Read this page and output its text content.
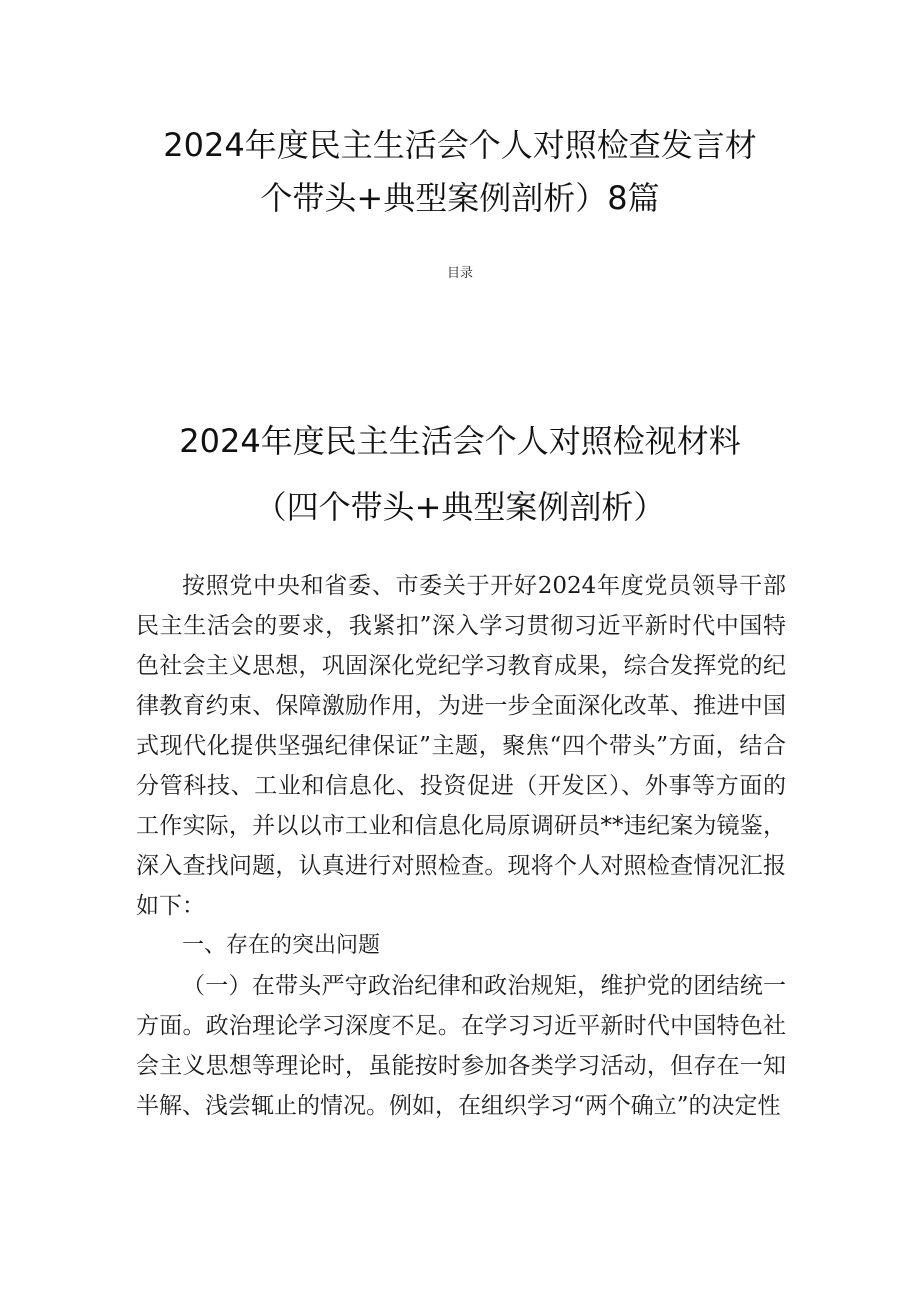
2024年度民主生活会个人对照检查发言材
个带头+典型案例剖析）8篇
目录
2024年度民主生活会个人对照检视材料
（四个带头+典型案例剖析）

按照党中央和省委、市委关于开好2024年度党员领导干部民主生活会的要求，我紧扣”深入学习贯彻习近平新时代中国特色社会主义思想，巩固深化党纪学习教育成果，综合发挥党的纪律教育约束、保障激励作用，为进一步全面深化改革、推进中国式现代化提供坚强纪律保证”主题，聚焦“四个带头”方面，结合分管科技、工业和信息化、投资促进（开发区）、外事等方面的工作实际，并以以市工业和信息化局原调研员**违纪案为镜鉴，深入查找问题，认真进行对照检查。现将个人对照检查情况汇报如下：

一、存在的突出问题

（一）在带头严守政治纪律和政治规矩，维护党的团结统一方面。政治理论学习深度不足。在学习习近平新时代中国特色社会主义思想等理论时，虽能按时参加各类学习活动，但存在一知半解、浅尝辄止的情况。例如，在组织学习“两个确立”的决定性
